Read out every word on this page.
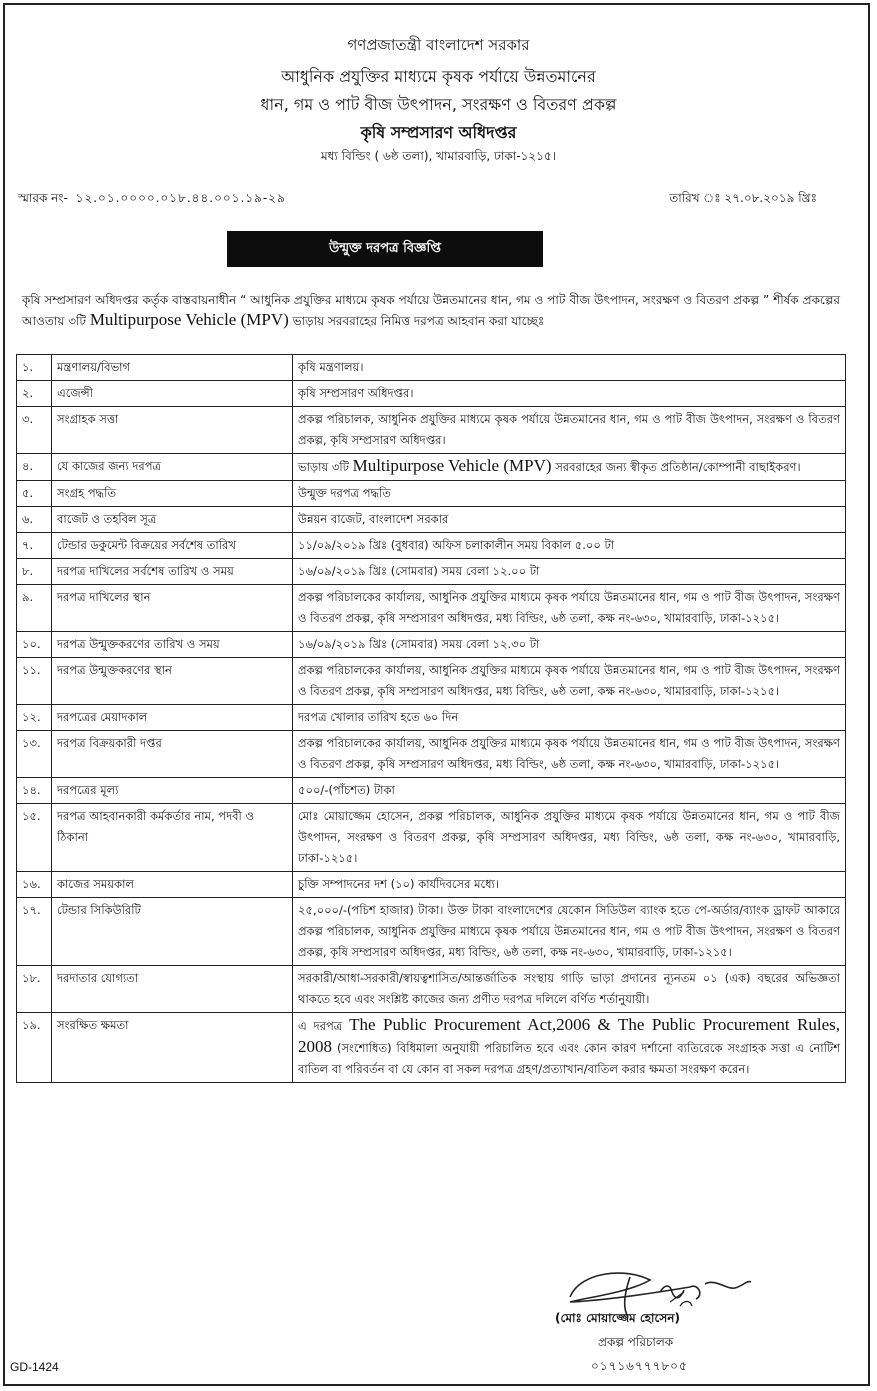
গণপ্রজাতন্ত্রী বাংলাদেশ সরকার
আধুনিক প্রযুক্তির মাধ্যমে কৃষক পর্যায়ে উন্নতমানের
ধান, গম ও পাট বীজ উৎপাদন, সংরক্ষণ ও বিতরণ প্রকল্প
কৃষি সম্প্রসারণ অধিদপ্তর
মধ্য বিল্ডিং ( ৬ষ্ঠ তলা), খামারবাড়ি, ঢাকা-১২১৫।
স্মারক নং- ১২.০১.০০০০.০১৮.৪৪.০০১.১৯-২৯	তারিখ ঃ ২৭.০৮.২০১৯ খ্রিঃ
উন্মুক্ত দরপত্র বিজ্ঞপ্তি
কৃষি সম্প্রসারণ অধিদপ্তর কর্তৃক বাস্তবায়নাধীন “ আধুনিক প্রযুক্তির মাধ্যমে কৃষক পর্যায়ে উন্নতমানের ধান, গম ও পাট বীজ উৎপাদন, সংরক্ষণ ও বিতরণ প্রকল্প ” শীর্ষক প্রকল্পের আওতায় ৩টি Multipurpose Vehicle (MPV) ভাড়ায় সরবরাহের নিমিত্ত দরপত্র আহবান করা যাচ্ছেঃ
১.	মন্ত্রণালয়/বিভাগ	কৃষি মন্ত্রণালয়।
২.	এজেন্সী	কৃষি সম্প্রসারণ অধিদপ্তর।
৩.	সংগ্রাহক সত্তা	প্রকল্প পরিচালক, আধুনিক প্রযুক্তির মাধ্যমে কৃষক পর্যায়ে উন্নতমানের ধান, গম ও পাট বীজ উৎপাদন, সংরক্ষণ ও বিতরণ প্রকল্প, কৃষি সম্প্রসারণ অধিদপ্তর।
৪.	যে কাজের জন্য দরপত্র	ভাড়ায় ৩টি Multipurpose Vehicle (MPV) সরবরাহের জন্য স্বীকৃত প্রতিষ্ঠান/কোম্পানী বাছাইকরণ।
৫.	সংগ্রহ পদ্ধতি	উন্মুক্ত দরপত্র পদ্ধতি
৬.	বাজেট ও তহবিল সূত্র	উন্নয়ন বাজেট, বাংলাদেশ সরকার
৭.	টেন্ডার ডকুমেন্ট বিক্রয়ের সর্বশেষ তারিখ	১১/০৯/২০১৯ খ্রিঃ (বুধবার) অফিস চলাকালীন সময় বিকাল ৫.০০ টা
৮.	দরপত্র দাখিলের সর্বশেষ তারিখ ও সময়	১৬/০৯/২০১৯ খ্রিঃ (সোমবার) সময় বেলা ১২.০০ টা
৯.	দরপত্র দাখিলের স্থান	প্রকল্প পরিচালকের কার্যালয়, আধুনিক প্রযুক্তির মাধ্যমে কৃষক পর্যায়ে উন্নতমানের ধান, গম ও পাট বীজ উৎপাদন, সংরক্ষণ ও বিতরণ প্রকল্প, কৃষি সম্প্রসারণ অধিদপ্তর, মধ্য বিল্ডিং, ৬ষ্ঠ তলা, কক্ষ নং-৬৩০, খামারবাড়ি, ঢাকা-১২১৫।
১০.	দরপত্র উন্মুক্তকরণের তারিখ ও সময়	১৬/০৯/২০১৯ খ্রিঃ (সোমবার) সময় বেলা ১২.৩০ টা
১১.	দরপত্র উন্মুক্তকরণের স্থান	প্রকল্প পরিচালকের কার্যালয়, আধুনিক প্রযুক্তির মাধ্যমে কৃষক পর্যায়ে উন্নতমানের ধান, গম ও পাট বীজ উৎপাদন, সংরক্ষণ ও বিতরণ প্রকল্প, কৃষি সম্প্রসারণ অধিদপ্তর, মধ্য বিল্ডিং, ৬ষ্ঠ তলা, কক্ষ নং-৬৩০, খামারবাড়ি, ঢাকা-১২১৫।
১২.	দরপত্রের মেয়াদকাল	দরপত্র খোলার তারিখ হতে ৬০ দিন
১৩.	দরপত্র বিক্রয়কারী দপ্তর	প্রকল্প পরিচালকের কার্যালয়, আধুনিক প্রযুক্তির মাধ্যমে কৃষক পর্যায়ে উন্নতমানের ধান, গম ও পাট বীজ উৎপাদন, সংরক্ষণ ও বিতরণ প্রকল্প, কৃষি সম্প্রসারণ অধিদপ্তর, মধ্য বিল্ডিং, ৬ষ্ঠ তলা, কক্ষ নং-৬৩০, খামারবাড়ি, ঢাকা-১২১৫।
১৪.	দরপত্রের মূল্য	৫০০/-(পাঁচশত) টাকা
১৫.	দরপত্র আহবানকারী কর্মকর্তার নাম, পদবী ও ঠিকানা	মোঃ মোয়াজ্জেম হোসেন, প্রকল্প পরিচালক, আধুনিক প্রযুক্তির মাধ্যমে কৃষক পর্যায়ে উন্নতমানের ধান, গম ও পাট বীজ উৎপাদন, সংরক্ষণ ও বিতরণ প্রকল্প, কৃষি সম্প্রসারণ অধিদপ্তর, মধ্য বিল্ডিং, ৬ষ্ঠ তলা, কক্ষ নং-৬৩০, খামারবাড়ি, ঢাকা-১২১৫।
১৬.	কাজের সময়কাল	চুক্তি সম্পাদনের দশ (১০) কার্যদিবসের মধ্যে।
১৭.	টেন্ডার সিকিউরিটি	২৫,০০০/-(পচিশ হাজার) টাকা। উক্ত টাকা বাংলাদেশের যেকোন সিডিউল ব্যাংক হতে পে-অর্ডার/ব্যাংক ড্রাফট আকারে প্রকল্প পরিচালক, আধুনিক প্রযুক্তির মাধ্যমে কৃষক পর্যায়ে উন্নতমানের ধান, গম ও পাট বীজ উৎপাদন, সংরক্ষণ ও বিতরণ প্রকল্প, কৃষি সম্প্রসারণ অধিদপ্তর, মধ্য বিল্ডিং, ৬ষ্ঠ তলা, কক্ষ নং-৬৩০, খামারবাড়ি, ঢাকা-১২১৫।
১৮.	দরদাতার যোগ্যতা	সরকারী/আধা-সরকারী/স্বায়ত্বশাসিত/আন্তর্জাতিক সংস্থায় গাড়ি ভাড়া প্রদানের ন্যূনতম ০১ (এক) বছরের অভিজ্ঞতা থাকতে হবে এবং সংশ্লিষ্ট কাজের জন্য প্রণীত দরপত্র দলিলে বর্ণিত শর্তানুযায়ী।
১৯.	সংরক্ষিত ক্ষমতা	এ দরপত্র The Public Procurement Act,2006 & The Public Procurement Rules, 2008 (সংশোধিত) বিধিমালা অনুযায়ী পরিচালিত হবে এবং কোন কারণ দর্শানো ব্যতিরেকে সংগ্রাহক সত্তা এ নোটিশ বাতিল বা পরিবর্তন বা যে কোন বা সকল দরপত্র গ্রহণ/প্রত্যাখান/বাতিল করার ক্ষমতা সংরক্ষণ করেন।
(মোঃ মোয়াজ্জেম হোসেন)
প্রকল্প পরিচালক
০১৭১৬৭৭৭৮০৫
GD-1424
